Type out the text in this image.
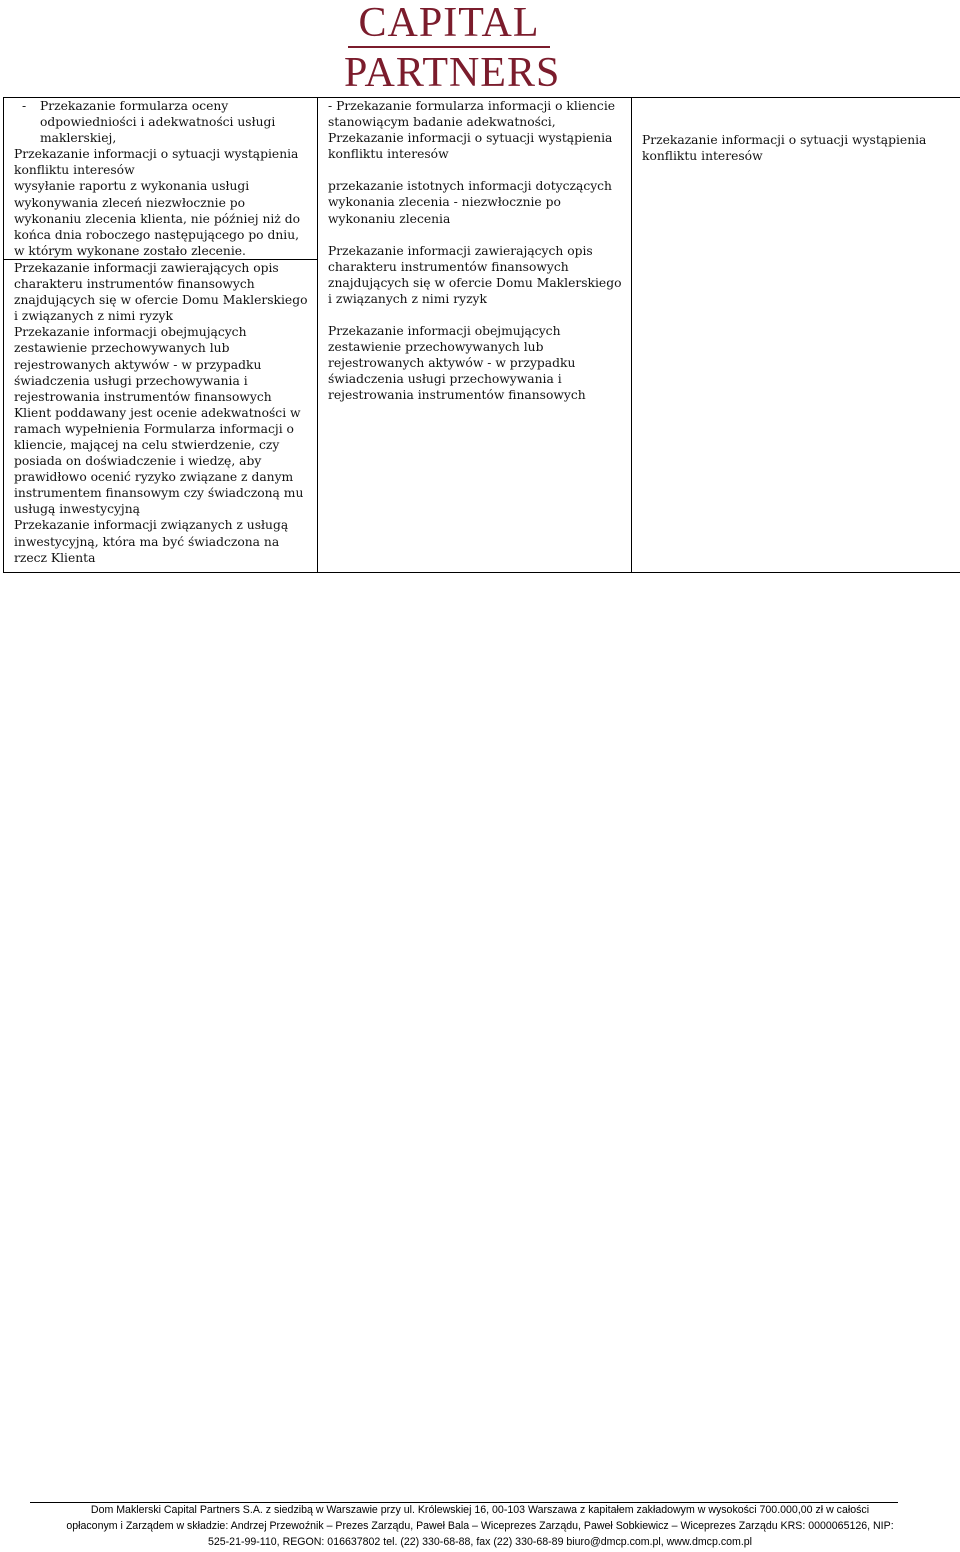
CAPITAL
PARTNERS
-	Przekazanie formularza oceny odpowiedniości i adekwatności usługi maklerskiej,
Przekazanie informacji o sytuacji wystąpienia konfliktu interesów
wysyłanie raportu z wykonania usługi wykonywania zleceń niezwłocznie po wykonaniu zlecenia klienta, nie później niż do końca dnia roboczego następującego po dniu, w którym wykonane zostało zlecenie.
Przekazanie informacji zawierających opis charakteru instrumentów finansowych znajdujących się w ofercie Domu Maklerskiego i związanych z nimi ryzyk
Przekazanie informacji obejmujących zestawienie przechowywanych lub rejestrowanych aktywów - w przypadku świadczenia usługi przechowywania i rejestrowania instrumentów finansowych
Klient poddawany jest ocenie adekwatności w ramach wypełnienia Formularza informacji o kliencie, mającej na celu stwierdzenie, czy posiada on doświadczenie i wiedzę, aby prawidłowo ocenić ryzyko związane z danym instrumentem finansowym czy świadczoną mu usługą inwestycyjną
Przekazanie informacji związanych z usługą inwestycyjną, która ma być świadczona na rzecz Klienta

- Przekazanie formularza informacji o kliencie stanowiącym badanie adekwatności,
Przekazanie informacji o sytuacji wystąpienia konfliktu interesów
przekazanie istotnych informacji dotyczących wykonania zlecenia - niezwłocznie po wykonaniu zlecenia
Przekazanie informacji zawierających opis charakteru instrumentów finansowych znajdujących się w ofercie Domu Maklerskiego i związanych z nimi ryzyk
Przekazanie informacji obejmujących zestawienie przechowywanych lub rejestrowanych aktywów - w przypadku świadczenia usługi przechowywania i rejestrowania instrumentów finansowych

Przekazanie informacji o sytuacji wystąpienia konfliktu interesów
Dom Maklerski Capital Partners S.A. z siedzibą w Warszawie przy ul. Królewskiej 16, 00-103 Warszawa z kapitałem zakładowym w wysokości 700.000,00 zł w całości
opłaconym i Zarządem w składzie: Andrzej Przewoźnik – Prezes Zarządu, Paweł Bala – Wiceprezes Zarządu, Paweł Sobkiewicz – Wiceprezes Zarządu KRS: 0000065126, NIP:
525-21-99-110, REGON: 016637802 tel. (22) 330-68-88, fax (22) 330-68-89 biuro@dmcp.com.pl, www.dmcp.com.pl
